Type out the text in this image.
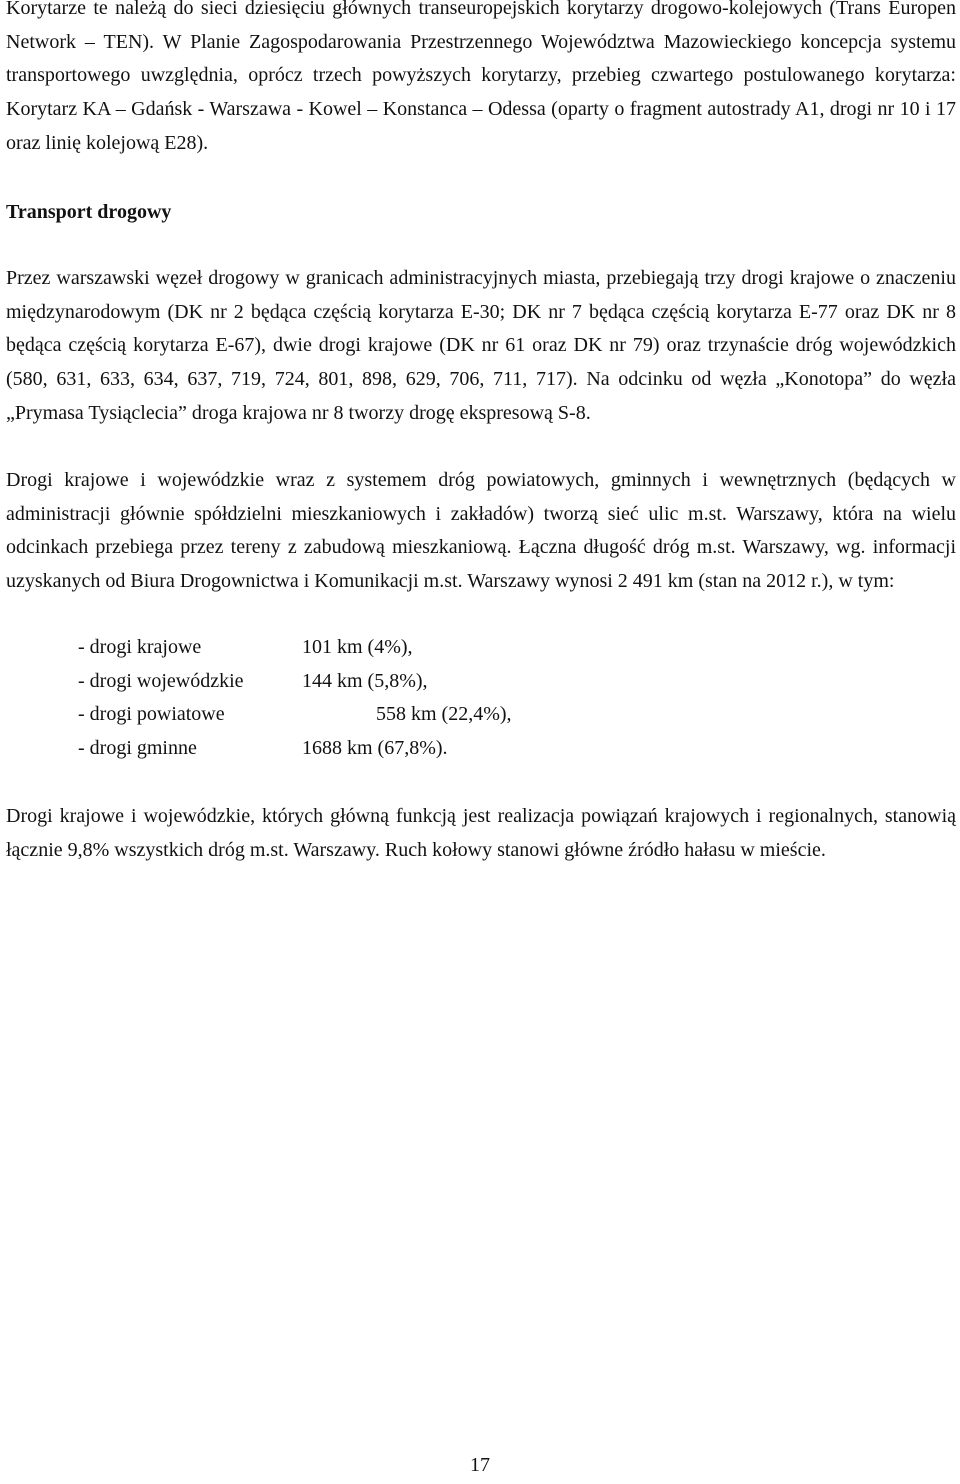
Korytarze te należą do sieci dziesięciu głównych transeuropejskich korytarzy drogowo-kolejowych (Trans Europen Network – TEN). W Planie Zagospodarowania Przestrzennego Województwa Mazowieckiego koncepcja systemu transportowego uwzględnia, oprócz trzech powyższych korytarzy, przebieg czwartego postulowanego korytarza: Korytarz KA – Gdańsk - Warszawa - Kowel – Konstanca – Odessa (oparty o fragment autostrady A1, drogi nr 10 i 17 oraz linię kolejową E28).

Transport drogowy

Przez warszawski węzeł drogowy w granicach administracyjnych miasta, przebiegają trzy drogi krajowe o znaczeniu międzynarodowym (DK nr 2 będąca częścią korytarza E-30; DK nr 7 będąca częścią korytarza E-77 oraz DK nr 8 będąca częścią korytarza E-67), dwie drogi krajowe (DK nr 61 oraz DK nr 79) oraz trzynaście dróg wojewódzkich (580, 631, 633, 634, 637, 719, 724, 801, 898, 629, 706, 711, 717). Na odcinku od węzła „Konotopa” do węzła „Prymasa Tysiąclecia” droga krajowa nr 8 tworzy drogę ekspresową S-8.

Drogi krajowe i wojewódzkie wraz z systemem dróg powiatowych, gminnych i wewnętrznych (będących w administracji głównie spółdzielni mieszkaniowych i zakładów) tworzą sieć ulic m.st. Warszawy, która na wielu odcinkach przebiega przez tereny z zabudową mieszkaniową. Łączna długość dróg m.st. Warszawy, wg. informacji uzyskanych od Biura Drogownictwa i Komunikacji m.st. Warszawy wynosi 2 491 km (stan na 2012 r.), w tym:

- drogi krajowe	101 km (4%),
- drogi wojewódzkie	144 km (5,8%),
- drogi powiatowe	558 km (22,4%),
- drogi gminne	1688 km (67,8%).

Drogi krajowe i wojewódzkie, których główną funkcją jest realizacja powiązań krajowych i regionalnych, stanowią łącznie 9,8% wszystkich dróg m.st. Warszawy. Ruch kołowy stanowi główne źródło hałasu w mieście.

17
